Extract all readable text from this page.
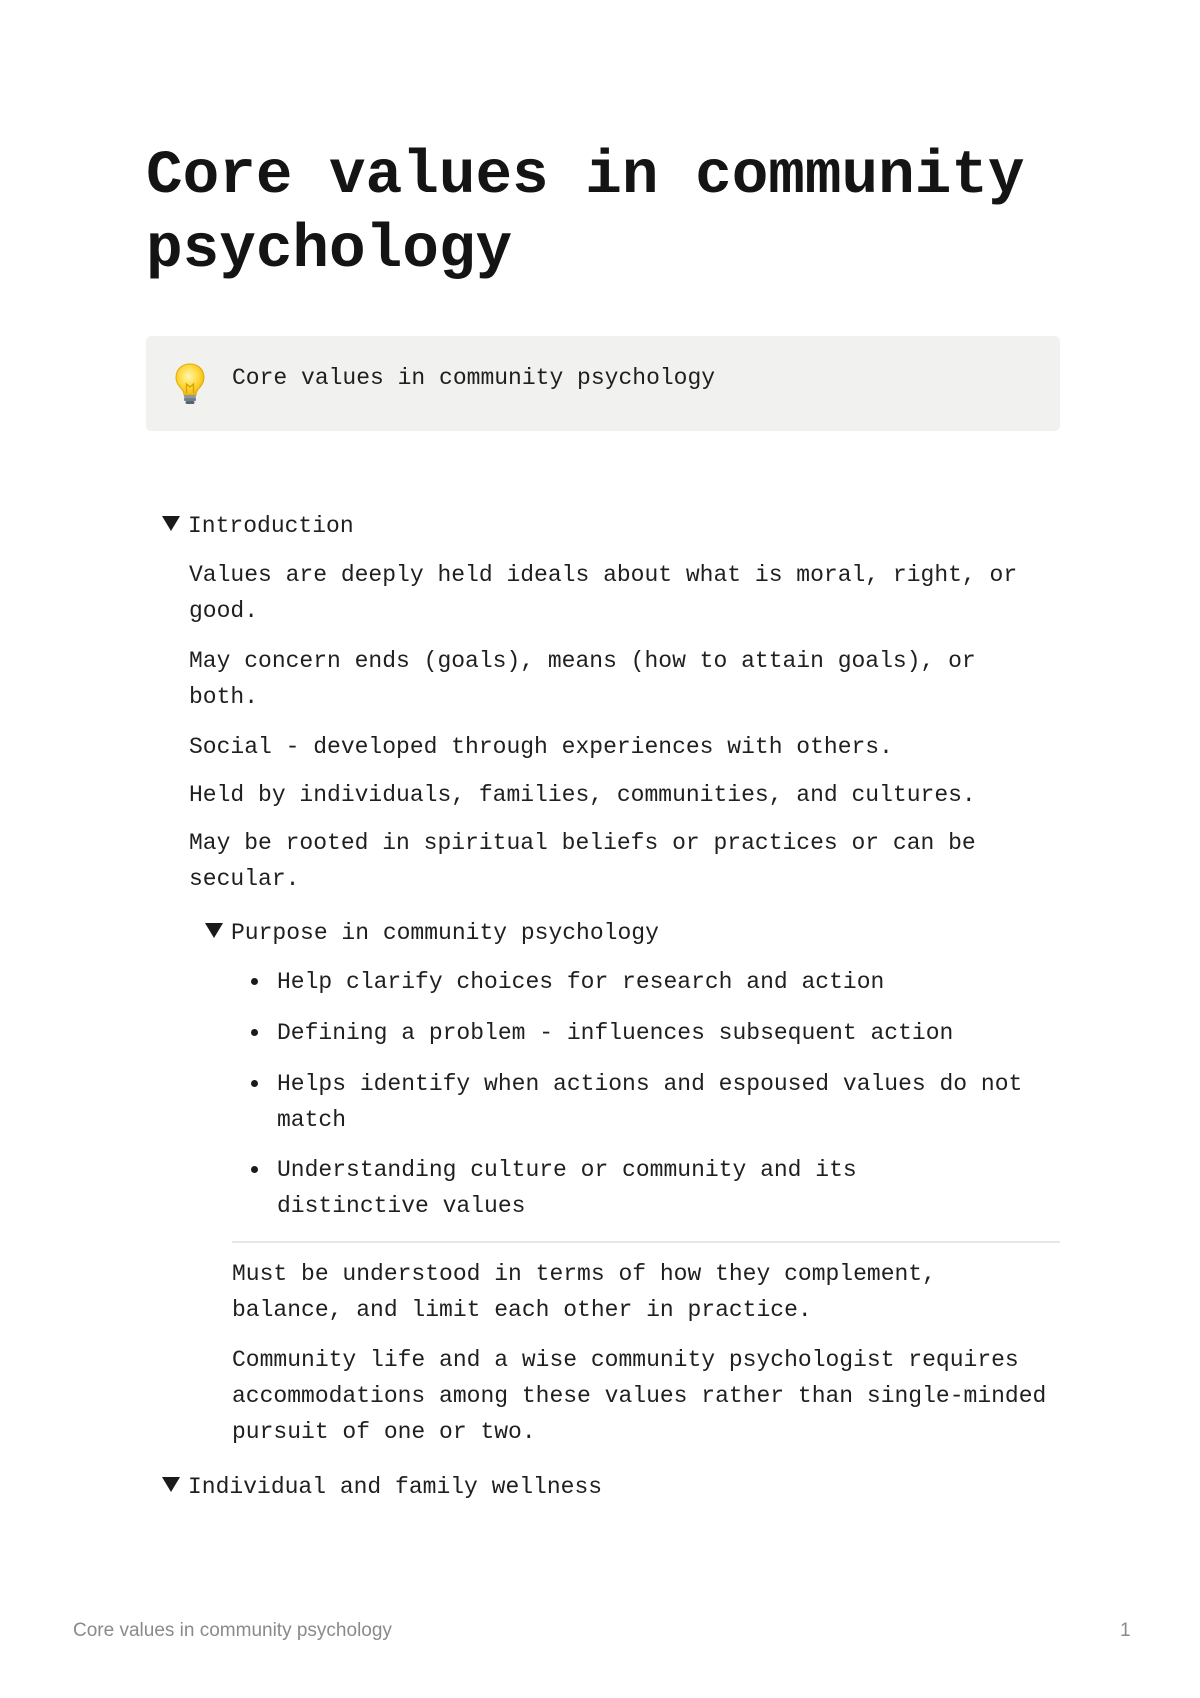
Core values in community psychology
Core values in community psychology
Introduction

Values are deeply held ideals about what is moral, right, or good.

May concern ends (goals), means (how to attain goals), or both.

Social - developed through experiences with others.

Held by individuals, families, communities, and cultures.

May be rooted in spiritual beliefs or practices or can be secular.

Purpose in community psychology
Help clarify choices for research and action
Defining a problem - influences subsequent action
Helps identify when actions and espoused values do not match
Understanding culture or community and its distinctive values

Must be understood in terms of how they complement, balance, and limit each other in practice.

Community life and a wise community psychologist requires accommodations among these values rather than single-minded pursuit of one or two.

Individual and family wellness
Core values in community psychology	1
